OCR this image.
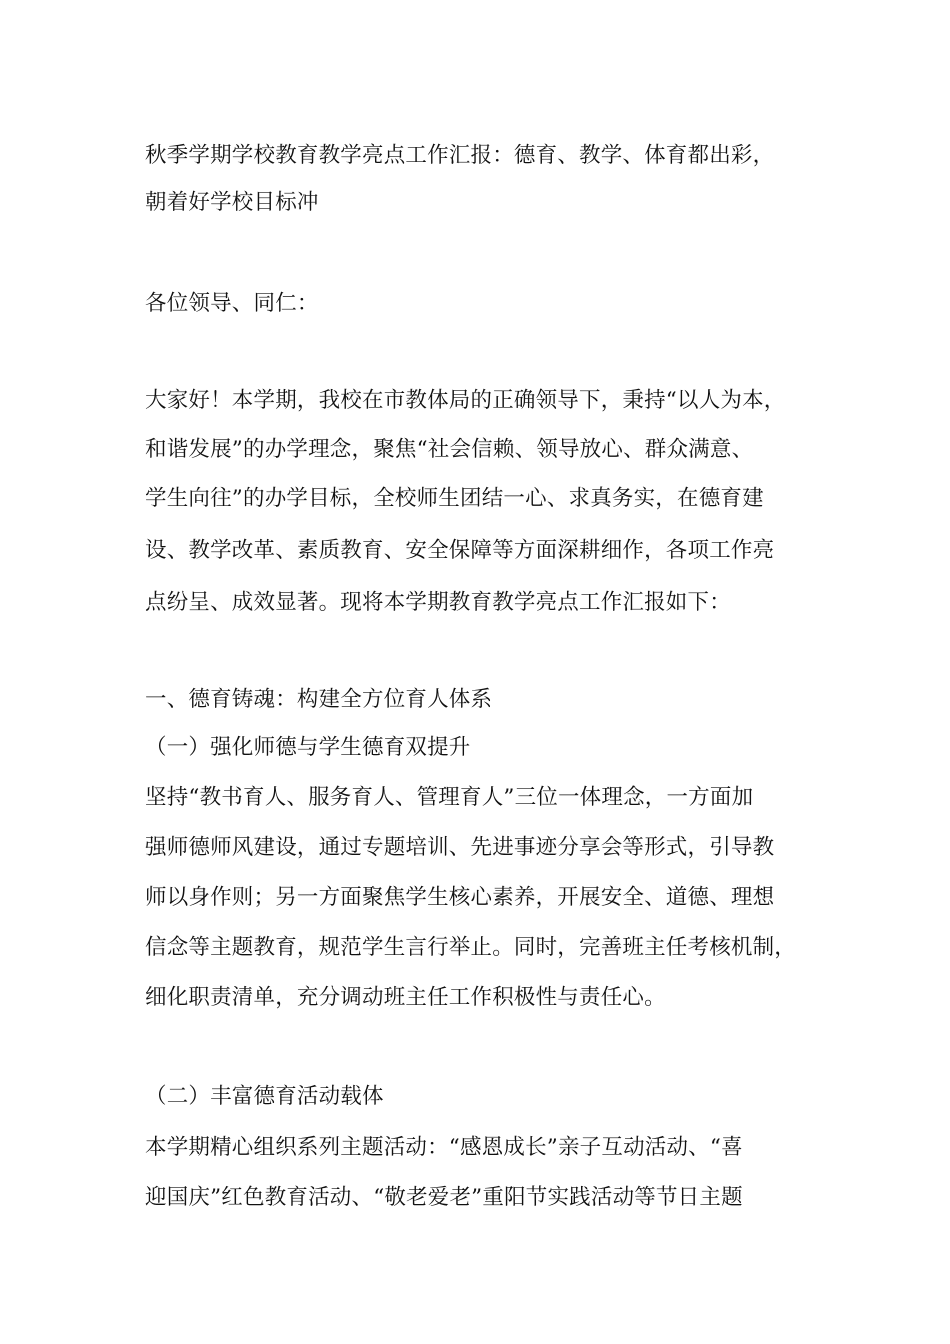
秋季学期学校教育教学亮点工作汇报：德育、教学、体育都出彩，
朝着好学校目标冲
各位领导、同仁：
大家好！本学期，我校在市教体局的正确领导下，秉持“以人为本，
和谐发展”的办学理念，聚焦“社会信赖、领导放心、群众满意、
学生向往”的办学目标，全校师生团结一心、求真务实，在德育建
设、教学改革、素质教育、安全保障等方面深耕细作，各项工作亮
点纷呈、成效显著。现将本学期教育教学亮点工作汇报如下：
一、德育铸魂：构建全方位育人体系
（一）强化师德与学生德育双提升
坚持“教书育人、服务育人、管理育人”三位一体理念，一方面加
强师德师风建设，通过专题培训、先进事迹分享会等形式，引导教
师以身作则；另一方面聚焦学生核心素养，开展安全、道德、理想
信念等主题教育，规范学生言行举止。同时，完善班主任考核机制，
细化职责清单，充分调动班主任工作积极性与责任心。
（二）丰富德育活动载体
本学期精心组织系列主题活动：“感恩成长”亲子互动活动、“喜
迎国庆”红色教育活动、“敬老爱老”重阳节实践活动等节日主题
